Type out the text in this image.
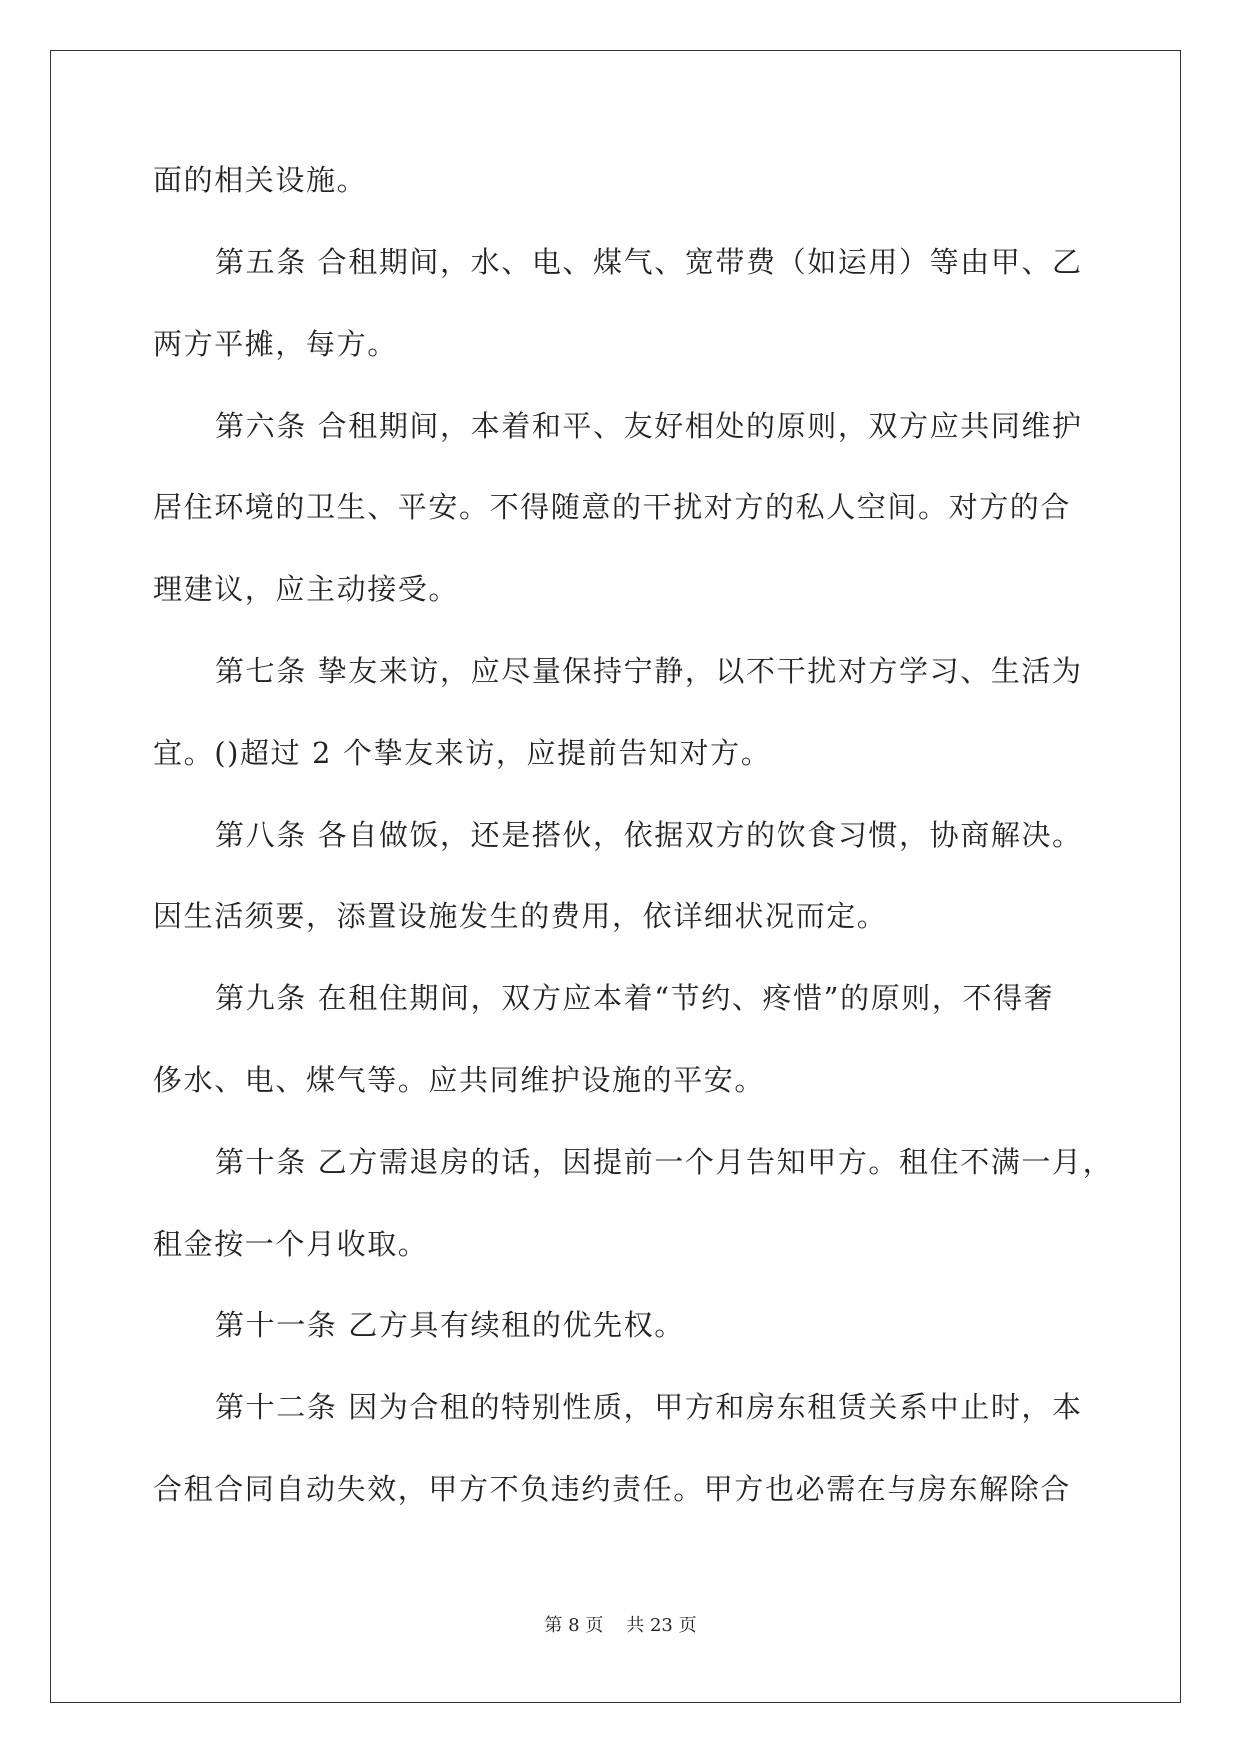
面的相关设施。
第五条 合租期间，水、电、煤气、宽带费（如运用）等由甲、乙
两方平摊，每方。
第六条 合租期间，本着和平、友好相处的原则，双方应共同维护
居住环境的卫生、平安。不得随意的干扰对方的私人空间。对方的合
理建议，应主动接受。
第七条 挚友来访，应尽量保持宁静，以不干扰对方学习、生活为
宜。()超过 2 个挚友来访，应提前告知对方。
第八条 各自做饭，还是搭伙，依据双方的饮食习惯，协商解决。
因生活须要，添置设施发生的费用，依详细状况而定。
第九条 在租住期间，双方应本着“节约、疼惜”的原则，不得奢
侈水、电、煤气等。应共同维护设施的平安。
第十条 乙方需退房的话，因提前一个月告知甲方。租住不满一月，
租金按一个月收取。
第十一条 乙方具有续租的优先权。
第十二条 因为合租的特别性质，甲方和房东租赁关系中止时，本
合租合同自动失效，甲方不负违约责任。甲方也必需在与房东解除合
第 8 页 共 23 页
